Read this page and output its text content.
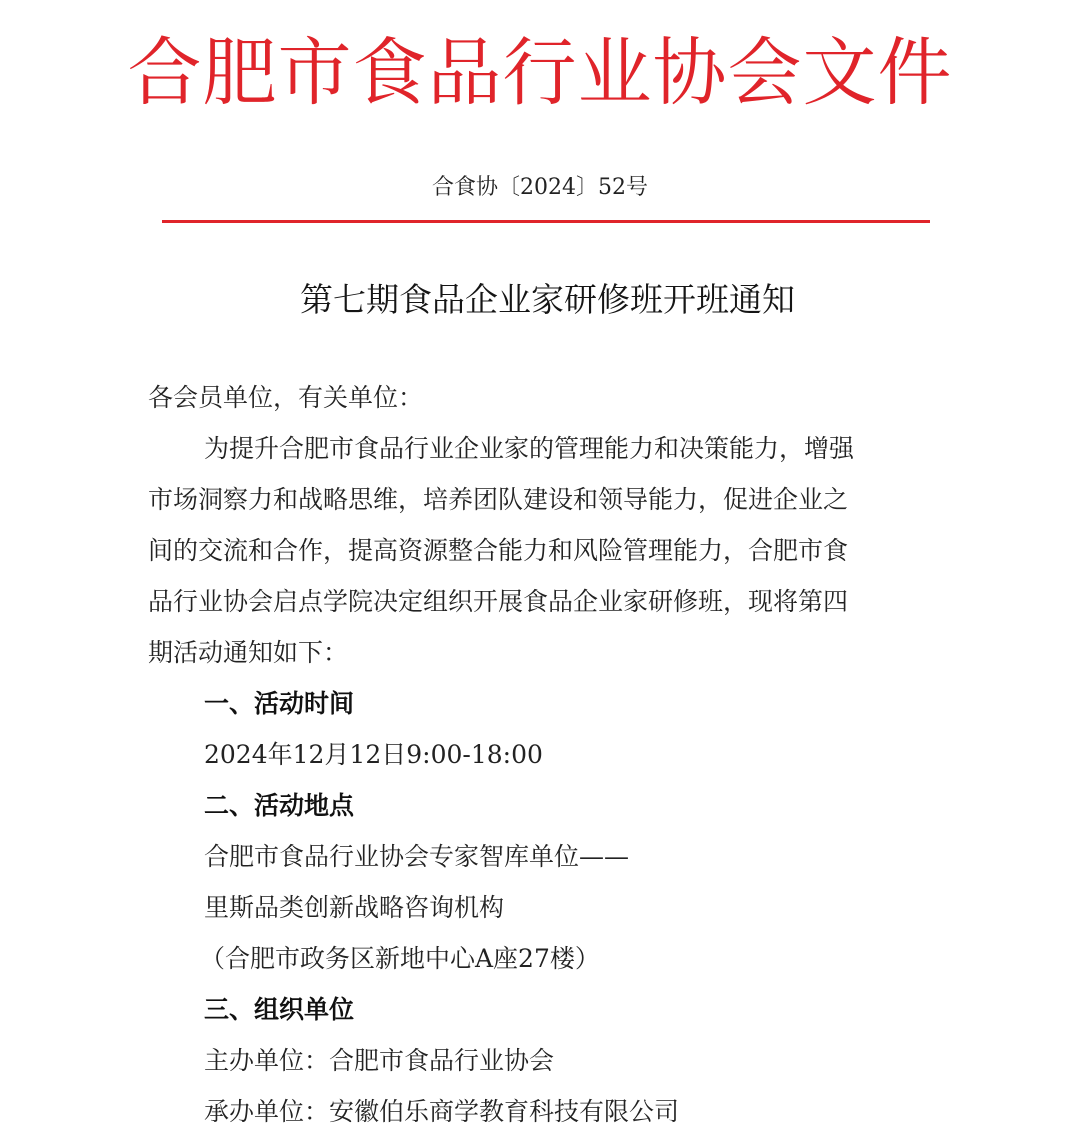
合肥市食品行业协会文件
合食协〔2024〕52号
第七期食品企业家研修班开班通知
各会员单位，有关单位：
为提升合肥市食品行业企业家的管理能力和决策能力，增强
市场洞察力和战略思维，培养团队建设和领导能力，促进企业之
间的交流和合作，提高资源整合能力和风险管理能力，合肥市食
品行业协会启点学院决定组织开展食品企业家研修班，现将第四
期活动通知如下：
一、活动时间
2024年12月12日9:00-18:00
二、活动地点
合肥市食品行业协会专家智库单位——
里斯品类创新战略咨询机构
（合肥市政务区新地中心A座27楼）
三、组织单位
主办单位：合肥市食品行业协会
承办单位：安徽伯乐商学教育科技有限公司
